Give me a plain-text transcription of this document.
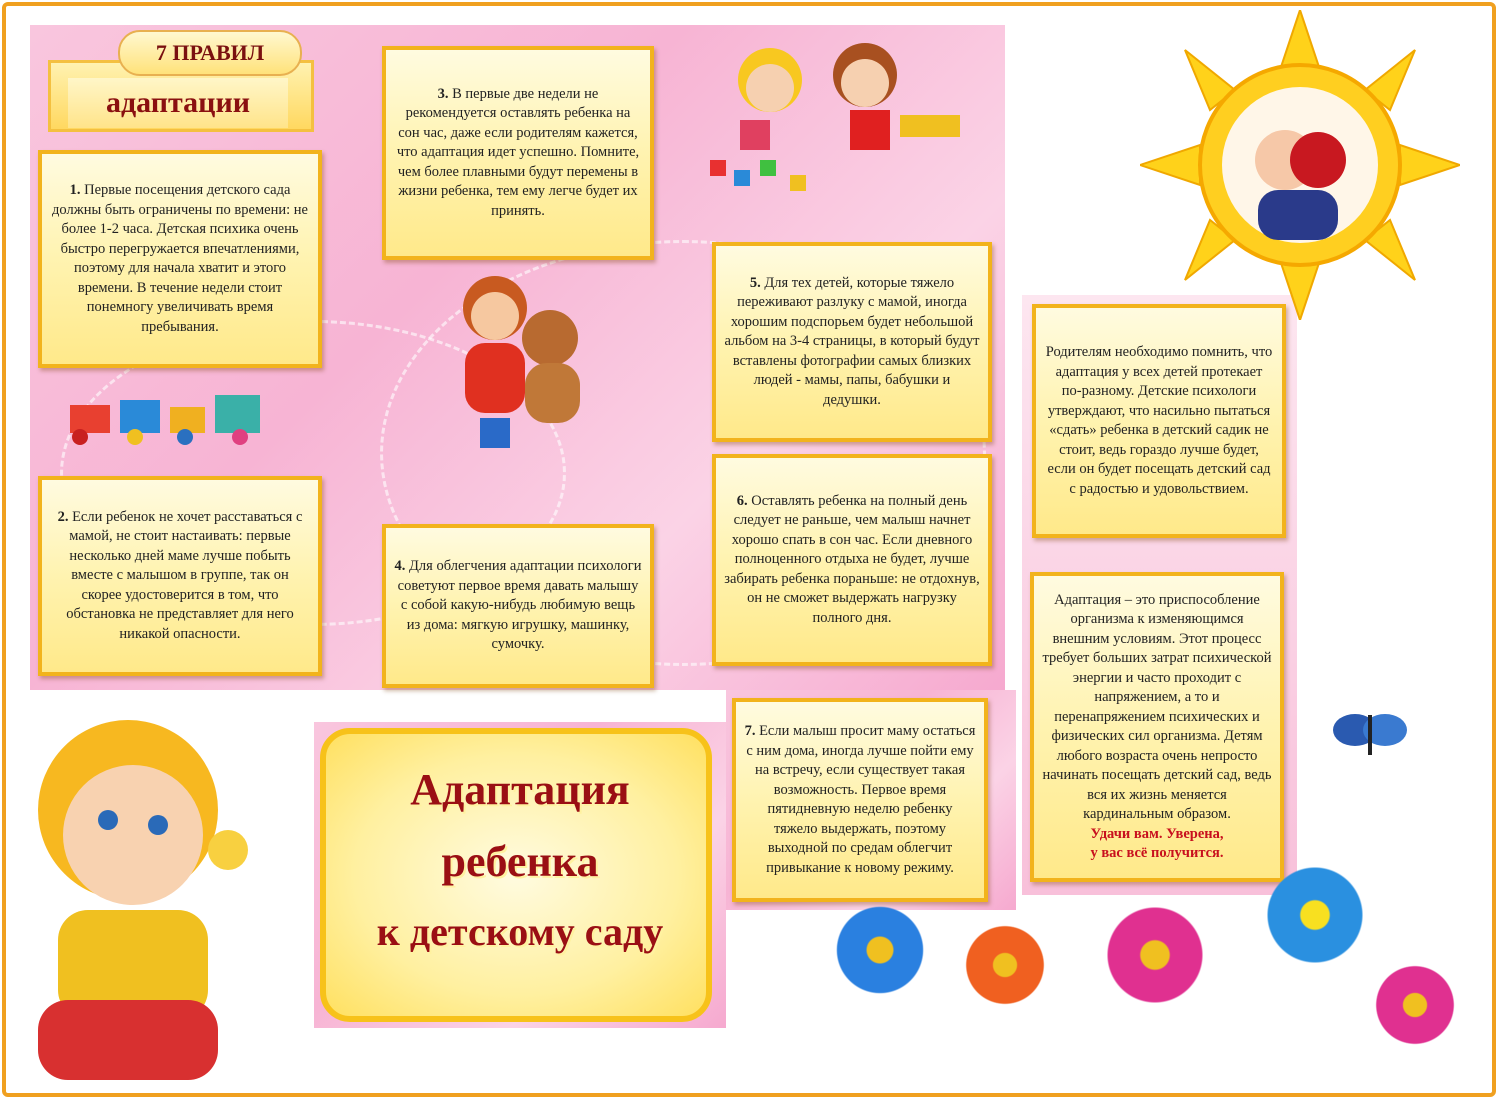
адаптации
7 ПРАВИЛ

1. Первые посещения детского сада должны быть ограничены по времени: не более 1-2 часа. Детская психика очень быстро перегружается впечатлениями, поэтому для начала хватит и этого времени. В течение недели стоит понемногу увеличивать время пребывания.

2. Если ребенок не хочет расставаться с мамой, не стоит настаивать: первые несколько дней маме лучше побыть вместе с малышом в группе, так он скорее удостоверится в том, что обстановка не представляет для него никакой опасности.

3. В первые две недели не рекомендуется оставлять ребенка на сон час, даже если родителям кажется, что адаптация идет успешно. Помните, чем более плавными будут перемены в жизни ребенка, тем ему легче будет их принять.

4. Для облегчения адаптации психологи советуют первое время давать малышу с собой какую-нибудь любимую вещь из дома: мягкую игрушку, машинку, сумочку.

5. Для тех детей, которые тяжело переживают разлуку с мамой, иногда хорошим подспорьем будет небольшой альбом на 3-4 страницы, в который будут вставлены фотографии самых близких людей - мамы, папы, бабушки и дедушки.

6. Оставлять ребенка на полный день следует не раньше, чем малыш начнет хорошо спать в сон час. Если дневного полноценного отдыха не будет, лучше забирать ребенка пораньше: не отдохнув, он не сможет выдержать нагрузку полного дня.

7. Если малыш просит маму остаться с ним дома, иногда лучше пойти ему на встречу, если существует такая возможность. Первое время пятидневную неделю ребенку тяжело выдержать, поэтому выходной по средам облегчит привыкание к новому режиму.

Родителям необходимо помнить, что адаптация у всех детей протекает по-разному. Детские психологи утверждают, что насильно пытаться «сдать» ребенка в детский садик не стоит, ведь гораздо лучше будет, если он будет посещать детский сад с радостью и удовольствием.

Адаптация – это приспособление организма к изменяющимся внешним условиям. Этот процесс требует больших затрат психической энергии и часто проходит с напряжением, а то и перенапряжением психических и физических сил организма. Детям любого возраста очень непросто начинать посещать детский сад, ведь вся их жизнь меняется кардинальным образом.
Удачи вам. Уверена,
у вас всё получится.

Адаптация
ребенка
к детскому саду
